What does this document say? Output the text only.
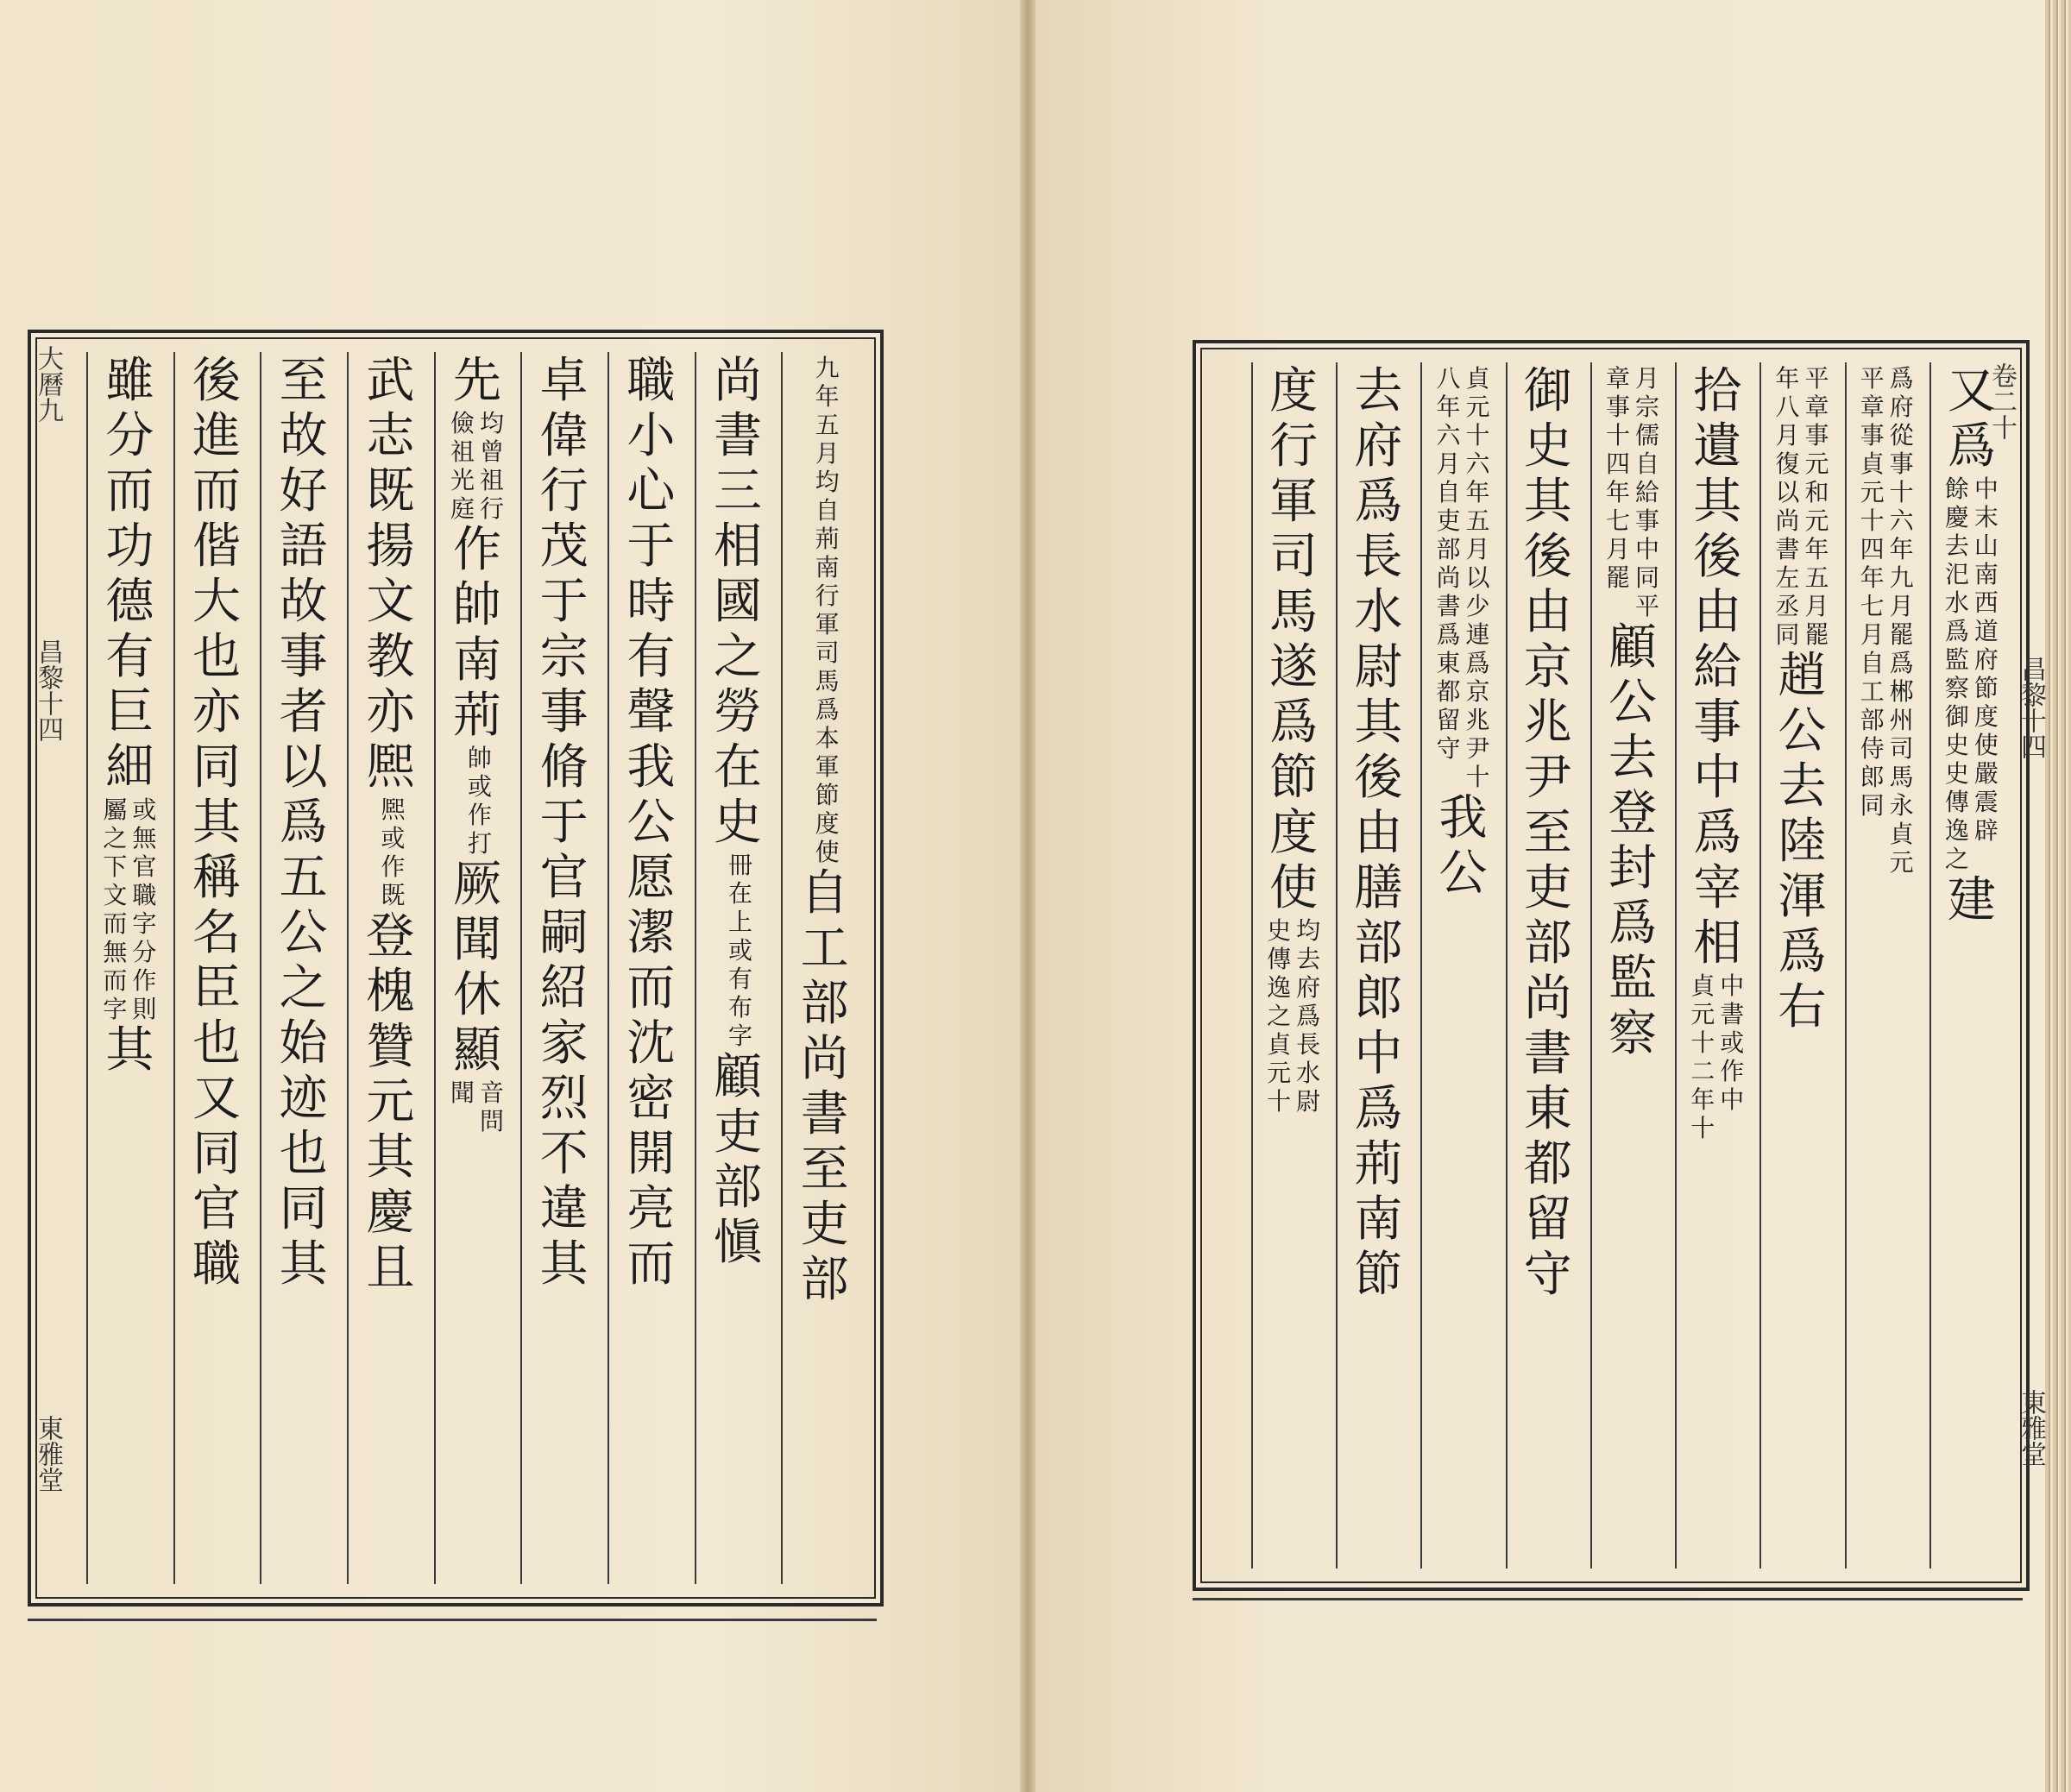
九
年
五
月
均
自
荊
南
行
軍
司
馬
爲
本
軍
節
度
使
自
工
部
尚
書
至
吏
部
尚
書
三
相
國
之
勞
在
史
冊
在
上
或
有
布
字
顧
吏
部
愼
職
小
心
于
時
有
聲
我
公
愿
潔
而
沈
密
開
亮
而
卓
偉
行
茂
于
宗
事
脩
于
官
嗣
紹
家
烈
不
違
其
先
均
曾
祖
行
儉
祖
光
庭
作
帥
南
荊
帥
或
作
打
厥
聞
休
顯
音
問
聞
武
志
既
揚
文
教
亦
熈
熈
或
作
既
登
槐
贊
元
其
慶
且
至
故
好
語
故
事
者
以
爲
五
公
之
始
迹
也
同
其
後
進
而
偕
大
也
亦
同
其
稱
名
臣
也
又
同
官
職
雖
分
而
功
德
有
巨
細
或
無
官
職
字
分
作
則
屬
之
下
文
而
無
而
字
其
大曆九
昌黎十四
東雅堂
又
爲
中
末
山
南
西
道
府
節
度
使
嚴
震
辟
餘
慶
去
汜
水
爲
監
察
御
史
史
傳
逸
之
建
爲
府
從
事
十
六
年
九
月
罷
爲
郴
州
司
馬
永
貞
元
平
章
事
貞
元
十
四
年
七
月
自
工
部
侍
郎
同
平
章
事
元
和
元
年
五
月
罷
年
八
月
復
以
尚
書
左
丞
同
趙
公
去
陸
渾
爲
右
拾
遺
其
後
由
給
事
中
爲
宰
相
中
書
或
作
中
貞
元
十
二
年
十
月
宗
儒
自
給
事
中
同
平
章
事
十
四
年
七
月
罷
顧
公
去
登
封
爲
監
察
御
史
其
後
由
京
兆
尹
至
吏
部
尚
書
東
都
留
守
貞
元
十
六
年
五
月
以
少
連
爲
京
兆
尹
十
八
年
六
月
自
吏
部
尚
書
爲
東
都
留
守
我
公
去
府
爲
長
水
尉
其
後
由
膳
部
郎
中
爲
荊
南
節
度
行
軍
司
馬
遂
爲
節
度
使
均
去
府
爲
長
水
尉
史
傳
逸
之
貞
元
十
卷二十
昌黎十四
東雅堂
